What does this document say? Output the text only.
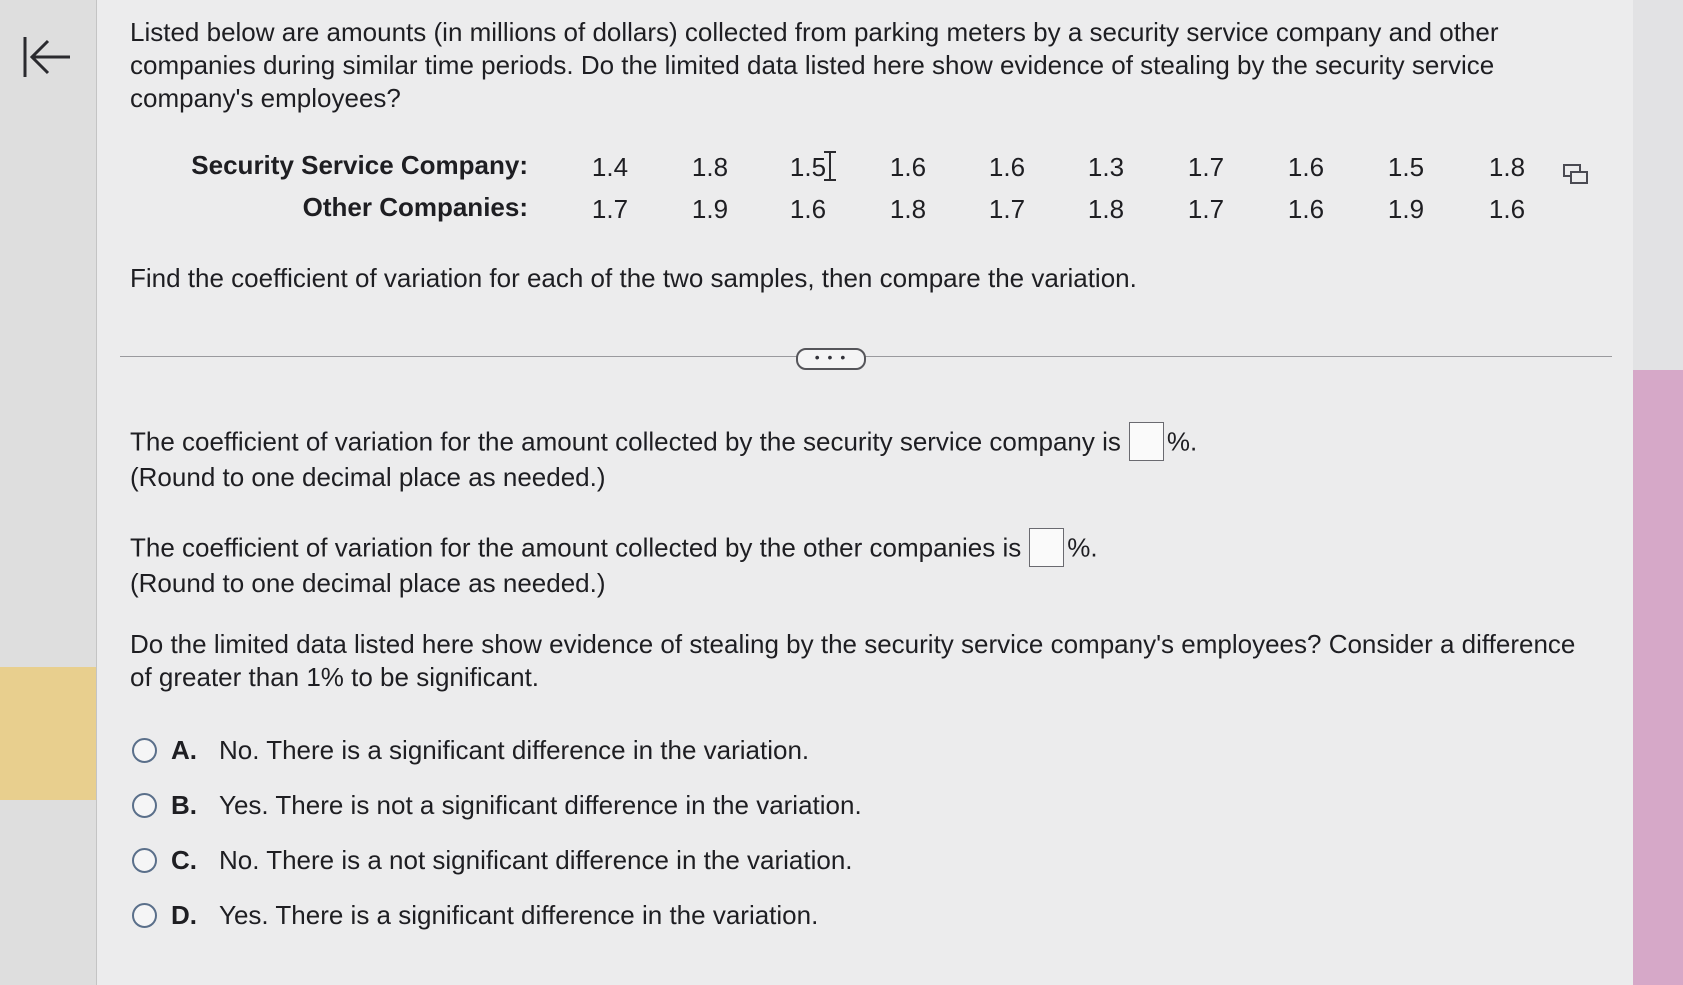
Listed below are amounts (in millions of dollars) collected from parking meters by a security service company and other companies during similar time periods. Do the limited data listed here show evidence of stealing by the security service company's employees?
Security Service Company:	1.4	1.8	1.5	1.6	1.6	1.3	1.7	1.6	1.5	1.8
Other Companies:	1.7	1.9	1.6	1.8	1.7	1.8	1.7	1.6	1.9	1.6
Find the coefficient of variation for each of the two samples, then compare the variation.
• • •
The coefficient of variation for the amount collected by the security service company is %.
(Round to one decimal place as needed.)
The coefficient of variation for the amount collected by the other companies is %.
(Round to one decimal place as needed.)
Do the limited data listed here show evidence of stealing by the security service company's employees? Consider a difference of greater than 1% to be significant.
A. No. There is a significant difference in the variation.
B. Yes. There is not a significant difference in the variation.
C. No. There is a not significant difference in the variation.
D. Yes. There is a significant difference in the variation.
